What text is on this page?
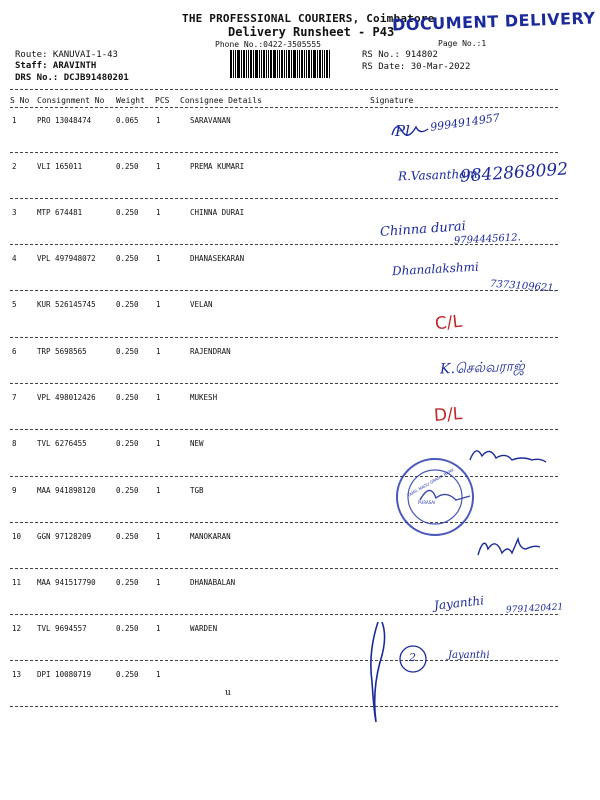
THE PROFESSIONAL COURIERS, Coimbatore
Delivery Runsheet - P43
Phone No.:0422-3505555
DOCUMENT DELIVERY
Page No.:1
Route: KANUVAI-1-43
Staff: ARAVINTH
DRS No.: DCJB91480201
RS No.: 914802
RS Date: 30-Mar-2022
S No Consignment No Weight PCS Consignee Details	Signature
1	PRO 13048474	0.065 1	SARAVANAN
2	VLI 165011	0.250 1	PREMA KUMARI
3	MTP 674481	0.250 1	CHINNA DURAI
4	VPL 497948072	0.250 1	DHANASEKARAN
5	KUR 526145745	0.250 1	VELAN
6	TRP 5698565	0.250 1	RAJENDRAN
7	VPL 498012426	0.250 1	MUKESH
8	TVL 6276455	0.250 1	NEW
9	MAA 941898120	0.250 1	TGB
10 GGN 97128209	0.250 1	MANOKARAN
11 MAA 941517790	0.250 1	DHANABALAN
12 TVL 9694557	0.250 1	WARDEN
13 DPI 10080719	0.250 1
Pl 9994914957
R.Vasantham
9842868092
Chinna durai
9794445612.
Dhanalakshmi
7373109621.
C/L
K.செல்வராஜ்
D/L
Jayanthi 9791420421
2	Jayanthi
u
TAMIL NADU GRAMA BANK
PURASAI
